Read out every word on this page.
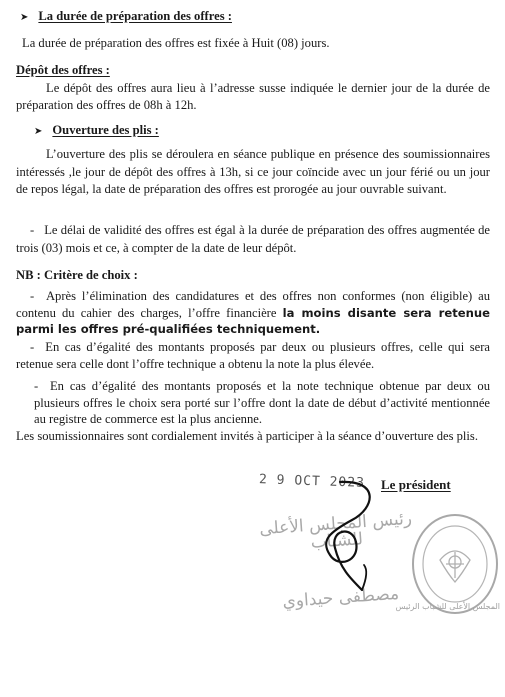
➤ La durée de préparation des offres :
La durée de préparation des offres est fixée à Huit (08) jours.
Dépôt des offres :
Le dépôt des offres aura lieu à l’adresse susse indiquée le dernier jour de la durée de préparation des offres de 08h à 12h.
➤ Ouverture des plis :
L’ouverture des plis se déroulera en séance publique en présence des soumissionnaires intéressés ,le jour de dépôt des offres à 13h, si ce jour coïncide avec un jour férié ou un jour de repos légal, la date de préparation des offres est prorogée au jour ouvrable suivant.
-   Le délai de validité des offres est égal à la durée de préparation des offres augmentée de trois (03) mois et ce, à compter de la date de leur dépôt.
NB : Critère de choix :
-  Après l’élimination des candidatures et des offres non conformes (non éligible) au contenu du cahier des charges, l’offre financière la moins disante sera retenue parmi les offres pré-qualifiées techniquement.
-  En cas d’égalité des montants proposés par deux ou plusieurs offres, celle qui sera retenue sera celle dont l’offre technique a obtenu la note la plus élevée.
-  En cas d’égalité des montants proposés et la note technique obtenue par deux ou plusieurs offres le choix sera porté sur l’offre dont la date de début d’activité mentionnée au registre de commerce est la plus ancienne.
Les soumissionnaires sont cordialement invités à participer à la séance d’ouverture des plis.
2 9 OCT 2023 Le président
رئيس المجلس الأعلى للشباب
مصطفى حيداوي
المجلس الأعلى للشباب الرئيس
